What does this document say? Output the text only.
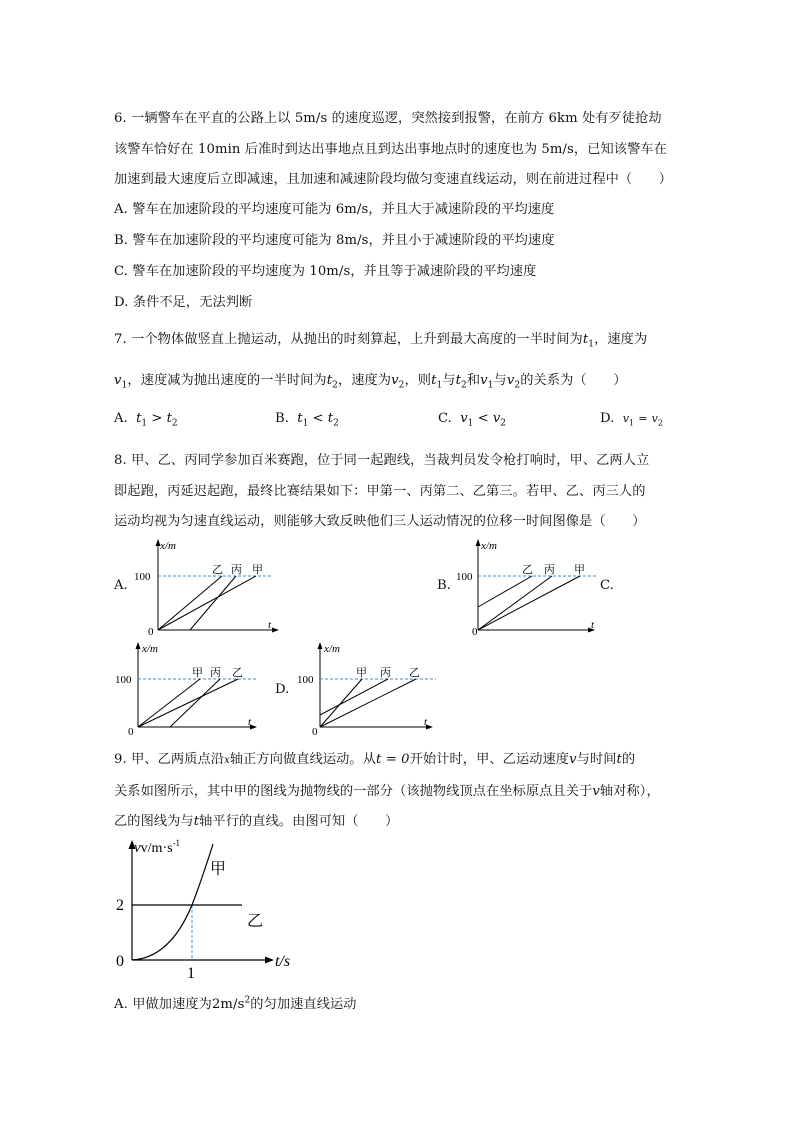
6. 一辆警车在平直的公路上以 5m/s 的速度巡逻，突然接到报警，在前方 6km 处有歹徒抢劫
该警车恰好在 10min 后准时到达出事地点且到达出事地点时的速度也为 5m/s，已知该警车在
加速到最大速度后立即减速，且加速和减速阶段均做匀变速直线运动，则在前进过程中（　　）
A. 警车在加速阶段的平均速度可能为 6m/s，并且大于减速阶段的平均速度
B. 警车在加速阶段的平均速度可能为 8m/s，并且小于减速阶段的平均速度
C. 警车在加速阶段的平均速度为 10m/s，并且等于减速阶段的平均速度
D. 条件不足，无法判断
7. 一个物体做竖直上抛运动，从抛出的时刻算起，上升到最大高度的一半时间为$t_1$，速度为
$v_1$，速度减为抛出速度的一半时间为$t_2$，速度为$v_2$，则$t_1$与$t_2$和$v_1$与$v_2$的关系为（　　）
A. $t_1 > t_2$	B. $t_1 < t_2$	C. $v_1 < v_2$	D. $v_1 = v_2$
8. 甲、乙、丙同学参加百米赛跑，位于同一起跑线，当裁判员发令枪打响时，甲、乙两人立
即起跑，丙延迟起跑，最终比赛结果如下：甲第一、丙第二、乙第三。若甲、乙、丙三人的
运动均视为匀速直线运动，则能够大致反映他们三人运动情况的位移一时间图像是（　　）
A.	B.	C.
D.
x/m
100
0
t
乙 丙 甲
x/m
100
0
t
乙 丙 甲
x/m
100
0
t
甲 丙 乙
x/m
100
0
t
甲 丙 乙
9. 甲、乙两质点沿x轴正方向做直线运动。从t = 0开始计时，甲、乙运动速度v与时间t的
关系如图所示，其中甲的图线为抛物线的一部分（该抛物线顶点在坐标原点且关于v轴对称），
乙的图线为与t轴平行的直线。由图可知（　　）
$vv/m\cdot s^{-1}$
甲
乙
2
0
1
t/s
A. 甲做加速度为$2m/s^2$的匀加速直线运动
